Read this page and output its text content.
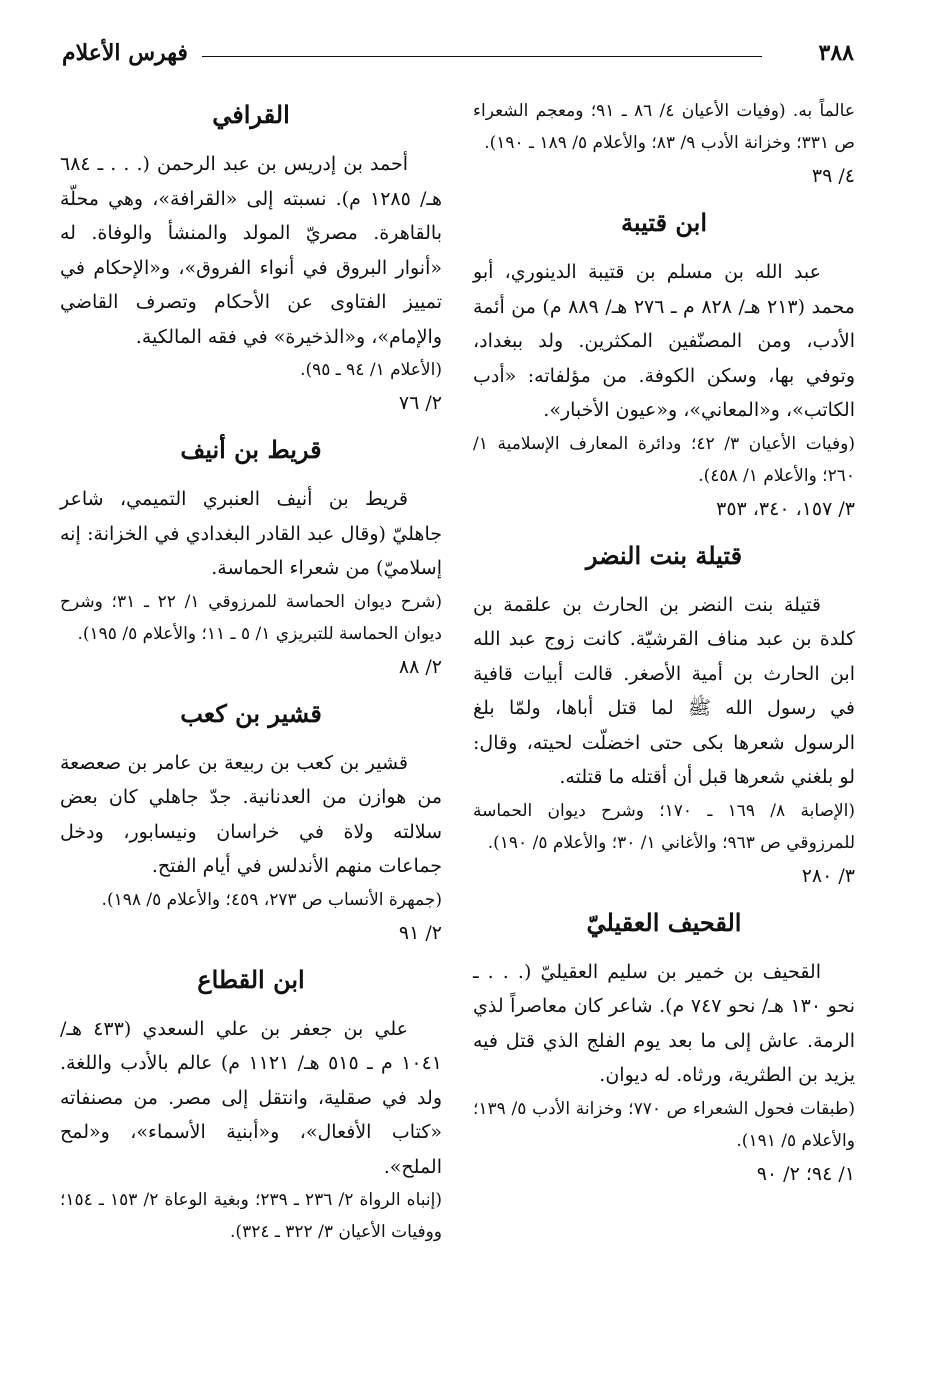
٣٨٨
فهرس الأعلام

عالماً به. (وفيات الأعيان ٤/ ٨٦ ـ ٩١؛ ومعجم الشعراء ص ٣٣١؛ وخزانة الأدب ٩/ ٨٣؛ والأعلام ٥/ ١٨٩ ـ ١٩٠).

٤/ ٣٩

ابن قتيبة

عبد الله بن مسلم بن قتيبة الدينوري، أبو محمد (٢١٣ هـ/ ٨٢٨ م ـ ٢٧٦ هـ/ ٨٨٩ م) من أئمة الأدب، ومن المصنّفين المكثرين. ولد ببغداد، وتوفي بها، وسكن الكوفة. من مؤلفاته: «أدب الكاتب»، و«المعاني»، و«عيون الأخبار».
(وفيات الأعيان ٣/ ٤٢؛ ودائرة المعارف الإسلامية ١/ ٢٦٠؛ والأعلام ١/ ٤٥٨).

٣/ ١٥٧، ٣٤٠، ٣٥٣

قتيلة بنت النضر

قتيلة بنت النضر بن الحارث بن علقمة بن كلدة بن عبد مناف القرشيّة. كانت زوج عبد الله ابن الحارث بن أمية الأصغر. قالت أبيات قافية في رسول الله ﷺ لما قتل أباها، ولمّا بلغ الرسول شعرها بكى حتى اخضلّت لحيته، وقال: لو بلغني شعرها قبل أن أقتله ما قتلته.
(الإصابة ٨/ ١٦٩ ـ ١٧٠؛ وشرح ديوان الحماسة للمرزوقي ص ٩٦٣؛ والأغاني ١/ ٣٠؛ والأعلام ٥/ ١٩٠).

٣/ ٢٨٠

القحيف العقيليّ

القحيف بن خمير بن سليم العقيليّ (. . . ـ نحو ١٣٠ هـ/ نحو ٧٤٧ م). شاعر كان معاصراً لذي الرمة. عاش إلى ما بعد يوم الفلج الذي قتل فيه يزيد بن الطثرية، ورثاه. له ديوان.
(طبقات فحول الشعراء ص ٧٧٠؛ وخزانة الأدب ٥/ ١٣٩؛ والأعلام ٥/ ١٩١).

١/ ٩٤؛ ٢/ ٩٠

القرافي

أحمد بن إدريس بن عبد الرحمن (. . . ـ ٦٨٤ هـ/ ١٢٨٥ م). نسبته إلى «القرافة»، وهي محلّة بالقاهرة. مصريّ المولد والمنشأ والوفاة. له «أنوار البروق في أنواء الفروق»، و«الإحكام في تمييز الفتاوى عن الأحكام وتصرف القاضي والإمام»، و«الذخيرة» في فقه المالكية.
(الأعلام ١/ ٩٤ ـ ٩٥).

٢/ ٧٦

قريط بن أنيف

قريط بن أنيف العنبري التميمي، شاعر جاهليّ (وقال عبد القادر البغدادي في الخزانة: إنه إسلاميّ) من شعراء الحماسة.
(شرح ديوان الحماسة للمرزوقي ١/ ٢٢ ـ ٣١؛ وشرح ديوان الحماسة للتبريزي ١/ ٥ ـ ١١؛ والأعلام ٥/ ١٩٥).

٢/ ٨٨

قشير بن كعب

قشير بن كعب بن ربيعة بن عامر بن صعصعة من هوازن من العدنانية. جدّ جاهلي كان بعض سلالته ولاة في خراسان ونيسابور، ودخل جماعات منهم الأندلس في أيام الفتح.
(جمهرة الأنساب ص ٢٧٣، ٤٥٩؛ والأعلام ٥/ ١٩٨).

٢/ ٩١

ابن القطاع

علي بن جعفر بن علي السعدي (٤٣٣ هـ/ ١٠٤١ م ـ ٥١٥ هـ/ ١١٢١ م) عالم بالأدب واللغة. ولد في صقلية، وانتقل إلى مصر. من مصنفاته «كتاب الأفعال»، و«أبنية الأسماء»، و«لمح الملح».
(إنباه الرواة ٢/ ٢٣٦ ـ ٢٣٩؛ وبغية الوعاة ٢/ ١٥٣ ـ ١٥٤؛ ووفيات الأعيان ٣/ ٣٢٢ ـ ٣٢٤).
